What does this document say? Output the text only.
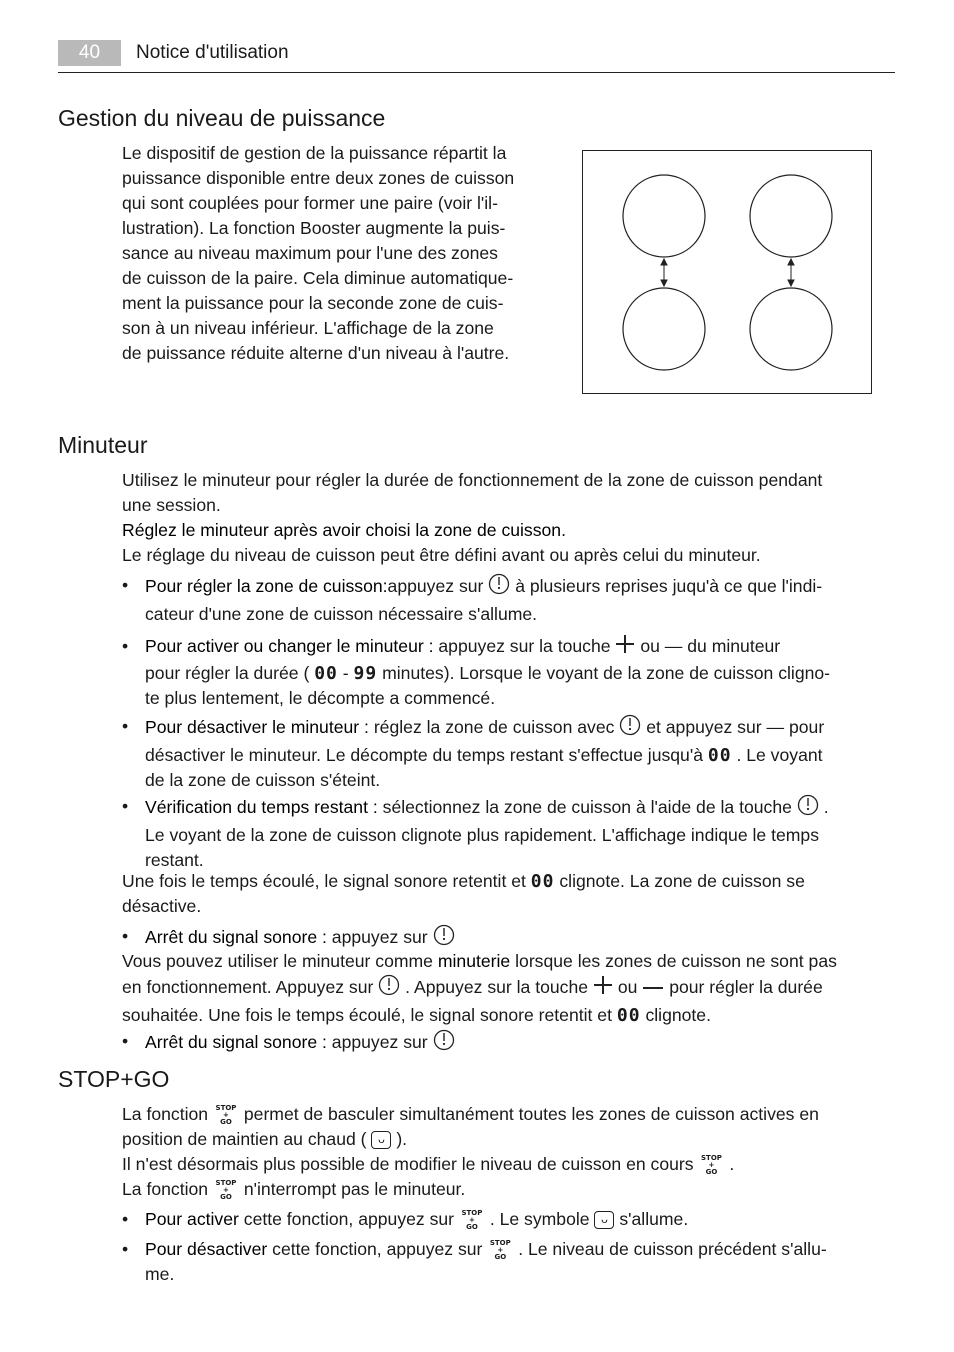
40	Notice d'utilisation
Gestion du niveau de puissance
Le dispositif de gestion de la puissance répartit la
puissance disponible entre deux zones de cuisson
qui sont couplées pour former une paire (voir l'il-
lustration). La fonction Booster augmente la puis-
sance au niveau maximum pour l'une des zones
de cuisson de la paire. Cela diminue automatique-
ment la puissance pour la seconde zone de cuis-
son à un niveau inférieur. L'affichage de la zone
de puissance réduite alterne d'un niveau à l'autre.
Minuteur
Utilisez le minuteur pour régler la durée de fonctionnement de la zone de cuisson pendant
une session.
Réglez le minuteur après avoir choisi la zone de cuisson.
Le réglage du niveau de cuisson peut être défini avant ou après celui du minuteur.
• Pour régler la zone de cuisson:appuyez sur à plusieurs reprises juqu'à ce que l'indi-
cateur d'une zone de cuisson nécessaire s'allume.
• Pour activer ou changer le minuteur : appuyez sur la touche ou — du minuteur
pour régler la durée ( 00 - 99 minutes). Lorsque le voyant de la zone de cuisson cligno-
te plus lentement, le décompte a commencé.
• Pour désactiver le minuteur : réglez la zone de cuisson avec et appuyez sur — pour
désactiver le minuteur. Le décompte du temps restant s'effectue jusqu'à 00 . Le voyant
de la zone de cuisson s'éteint.
• Vérification du temps restant : sélectionnez la zone de cuisson à l'aide de la touche .
Le voyant de la zone de cuisson clignote plus rapidement. L'affichage indique le temps
restant.
Une fois le temps écoulé, le signal sonore retentit et 00 clignote. La zone de cuisson se
désactive.
• Arrêt du signal sonore : appuyez sur
Vous pouvez utiliser le minuteur comme minuterie lorsque les zones de cuisson ne sont pas
en fonctionnement. Appuyez sur . Appuyez sur la touche ou pour régler la durée
souhaitée. Une fois le temps écoulé, le signal sonore retentit et 00 clignote.
• Arrêt du signal sonore : appuyez sur
STOP+GO
La fonction	STOP
+
GO permet de basculer simultanément toutes les zones de cuisson actives en
position de maintien au chaud ( ᴗ ).
Il n'est désormais plus possible de modifier le niveau de cuisson en cours	STOP
+
GO .
La fonction	STOP
+
GO n'interrompt pas le minuteur.
• Pour activer cette fonction, appuyez sur	STOP
+
GO . Le symbole ᴗ s'allume.
• Pour désactiver cette fonction, appuyez sur	STOP
+
GO . Le niveau de cuisson précédent s'allu-
me.
